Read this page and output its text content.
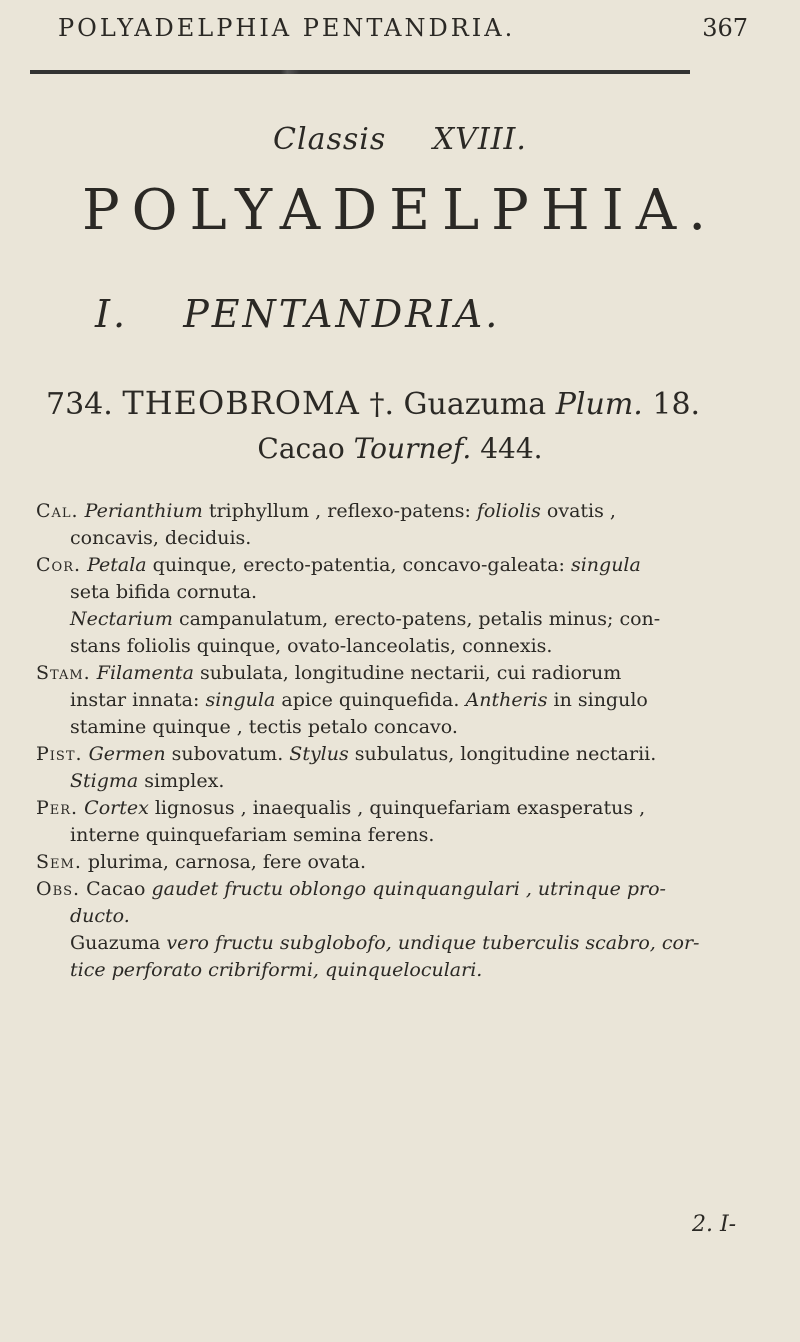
POLYADELPHIA PENTANDRIA.	367
Classis XVIII.
POLYADELPHIA.
I. PENTANDRIA.
734. THEOBROMA †. Guazuma Plum. 18.
Cacao Tournef. 444.
Cal. Perianthium triphyllum , reflexo-patens: foliolis ovatis ,
concavis, deciduis.
Cor. Petala quinque, erecto-patentia, concavo-galeata: singula
seta bifida cornuta.
Nectarium campanulatum, erecto-patens, petalis minus; con-
stans foliolis quinque, ovato-lanceolatis, connexis.
Stam. Filamenta subulata, longitudine nectarii, cui radiorum
instar innata: singula apice quinquefida. Antheris in singulo
stamine quinque , tectis petalo concavo.
Pist. Germen subovatum. Stylus subulatus, longitudine nectarii.
Stigma simplex.
Per. Cortex lignosus , inaequalis , quinquefariam exasperatus ,
interne quinquefariam semina ferens.
Sem. plurima, carnosa, fere ovata.
Obs. Cacao gaudet fructu oblongo quinquangulari , utrinque pro-
ducto.
Guazuma vero fructu subglobofo, undique tuberculis scabro, cor-
tice perforato cribriformi, quinqueloculari.
2. I-
